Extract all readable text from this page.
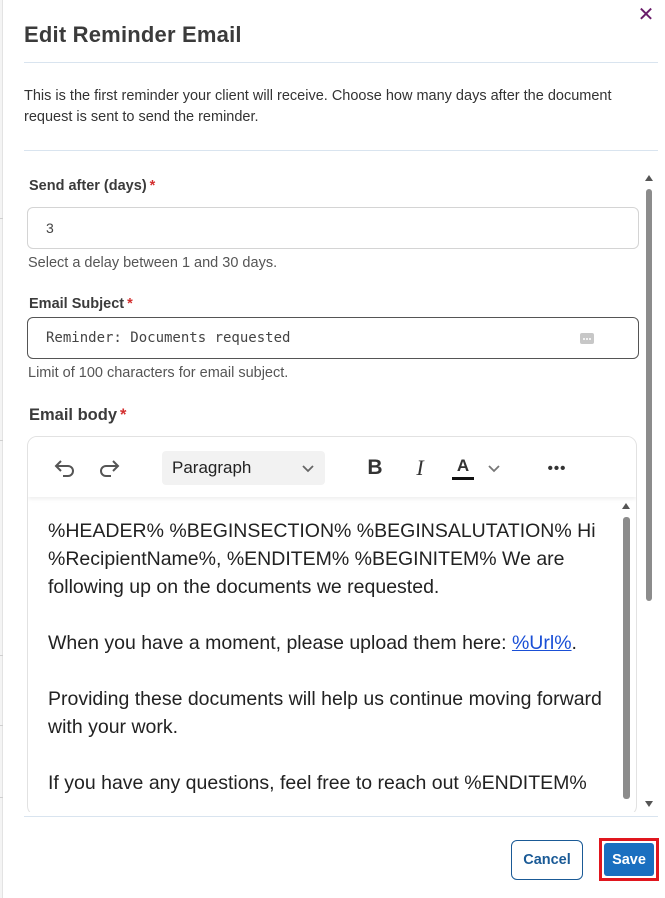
✕
Edit Reminder Email

This is the first reminder your client will receive. Choose how many days after the document request is sent to send the reminder.

Send after (days) *
3
Select a delay between 1 and 30 days.
Email Subject *
Reminder: Documents requested
Limit of 100 characters for email subject.
Email body *
Paragraph	B	I	A	•••

%HEADER% %BEGINSECTION% %BEGINSALUTATION% Hi %RecipientName%, %ENDITEM% %BEGINITEM% We are following up on the documents we requested.

When you have a moment, please upload them here: %Url%.

Providing these documents will help us continue moving forward with your work.

If you have any questions, feel free to reach out %ENDITEM%

Cancel	Save
